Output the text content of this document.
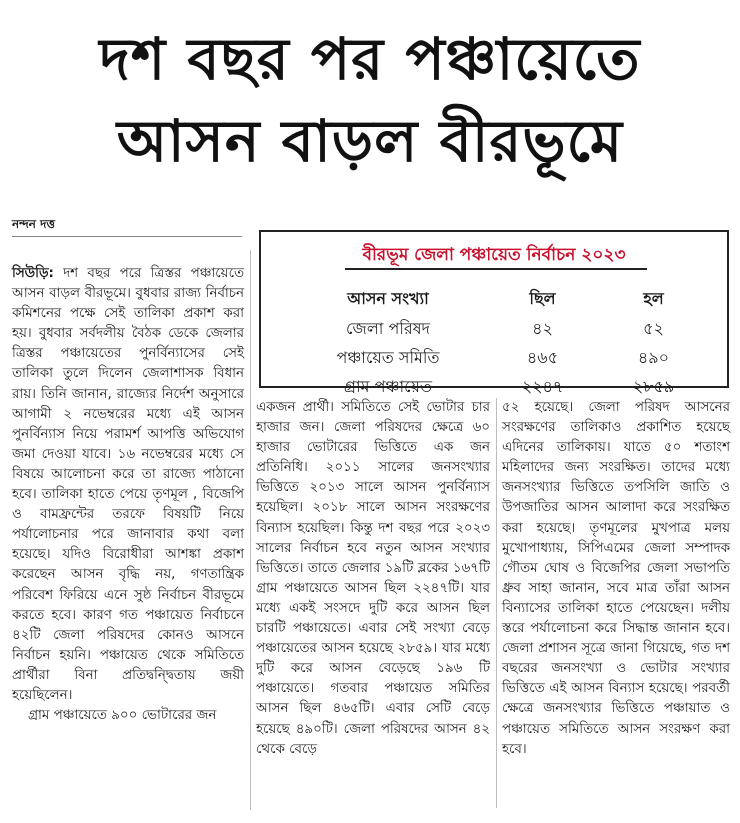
দশ বছর পর পঞ্চায়েতে
আসন বাড়ল বীরভূমে
নন্দন দত্ত
বীরভূম জেলা পঞ্চায়েত নির্বাচন ২০২৩
আসন সংখ্যা	ছিল	হল
জেলা পরিষদ	৪২	৫২
পঞ্চায়েত সমিতি	৪৬৫	৪৯০
গ্রাম পঞ্চায়েত	২২৪৭	২৮৫৯

সিউড়ি: দশ বছর পরে ত্রিস্তর পঞ্চায়েতে আসন বাড়ল বীরভূমে। বুধবার রাজ্য নির্বাচন কমিশনের পক্ষে সেই তালিকা প্রকাশ করা হয়। বুধবার সর্বদলীয় বৈঠক ডেকে জেলার ত্রিস্তর পঞ্চায়েতের পুনর্বিন্যাসের সেই তালিকা তুলে দিলেন জেলাশাসক বিধান রায়। তিনি জানান, রাজ্যের নির্দেশ অনুসারে আগামী ২ নভেম্বরের মধ্যে এই আসন পুনর্বিন্যাস নিয়ে পরামর্শ আপত্তি অভিযোগ জমা দেওয়া যাবে। ১৬ নভেম্বরের মধ্যে সে বিষয়ে আলোচনা করে তা রাজ্যে পাঠানো হবে। তালিকা হাতে পেয়ে তৃণমূল , বিজেপি ও বামফ্রন্টের তরফে বিষয়টি নিয়ে পর্যালোচনার পরে জানাবার কথা বলা হয়েছে। যদিও বিরোধীরা আশঙ্কা প্রকাশ করেছেন আসন বৃদ্ধি নয়, গণতান্ত্রিক পরিবেশ ফিরিয়ে এনে সুষ্ঠ নির্বাচন বীরভূমে করতে হবে। কারণ গত পঞ্চায়েত নির্বাচনে ৪২টি জেলা পরিষদের কোনও আসনে নির্বাচন হয়নি। পঞ্চায়েত থেকে সমিতিতে প্রার্থীরা বিনা প্রতিদ্বন্দ্বিতায় জয়ী হয়েছিলেন।

গ্রাম পঞ্চায়েতে ৯০০ ভোটারের জন

একজন প্রার্থী। সমিতিতে সেই ভোটার চার হাজার জন। জেলা পরিষদের ক্ষেত্রে ৬০ হাজার ভোটারের ভিত্তিতে এক জন প্রতিনিধি। ২০১১ সালের জনসংখ্যার ভিত্তিতে ২০১৩ সালে আসন পুনর্বিন্যাস হয়েছিল। ২০১৮ সালে আসন সংরক্ষণের বিন্যাস হয়েছিল। কিন্তু দশ বছর পরে ২০২৩ সালের নির্বাচন হবে নতুন আসন সংখ্যার ভিত্তিতে। তাতে জেলার ১৯টি ব্লকের ১৬৭টি গ্রাম পঞ্চায়েতে আসন ছিল ২২৪৭টি। যার মধ্যে একই সংসদে দুটি করে আসন ছিল চারটি পঞ্চায়েতে। এবার সেই সংখ্যা বেড়ে পঞ্চায়েতের আসন হয়েছে ২৮৫৯। যার মধ্যে দুটি করে আসন বেড়েছে ১৯৬ টি পঞ্চায়েতে। গতবার পঞ্চায়েত সমিতির আসন ছিল ৪৬৫টি। এবার সেটি বেড়ে হয়েছে ৪৯০টি। জেলা পরিষদের আসন ৪২ থেকে বেড়ে

৫২ হয়েছে। জেলা পরিষদ আসনের সংরক্ষণের তালিকাও প্রকাশিত হয়েছে এদিনের তালিকায়। যাতে ৫০ শতাংশ মহিলাদের জন্য সংরক্ষিত। তাদের মধ্যে জনসংখ্যার ভিত্তিতে তপসিলি জাতি ও উপজাতির আসন আলাদা করে সংরক্ষিত করা হয়েছে। তৃণমূলের মুখপাত্র মলয় মুখোপাধ্যায়, সিপিএমের জেলা সম্পাদক গৌতম ঘোষ ও বিজেপির জেলা সভাপতি ধ্রুব সাহা জানান, সবে মাত্র তাঁরা আসন বিন্যাসের তালিকা হাতে পেয়েছেন। দলীয় স্তরে পর্যালোচনা করে সিদ্ধান্ত জানান হবে। জেলা প্রশাসন সূত্রে জানা গিয়েছে, গত দশ বছরের জনসংখ্যা ও ভোটার সংখ্যার ভিত্তিতে এই আসন বিন্যাস হয়েছে। পরবর্তী ক্ষেত্রে জনসংখ্যার ভিত্তিতে পঞ্চায়াত ও পঞ্চায়েত সমিতিতে আসন সংরক্ষণ করা হবে।
